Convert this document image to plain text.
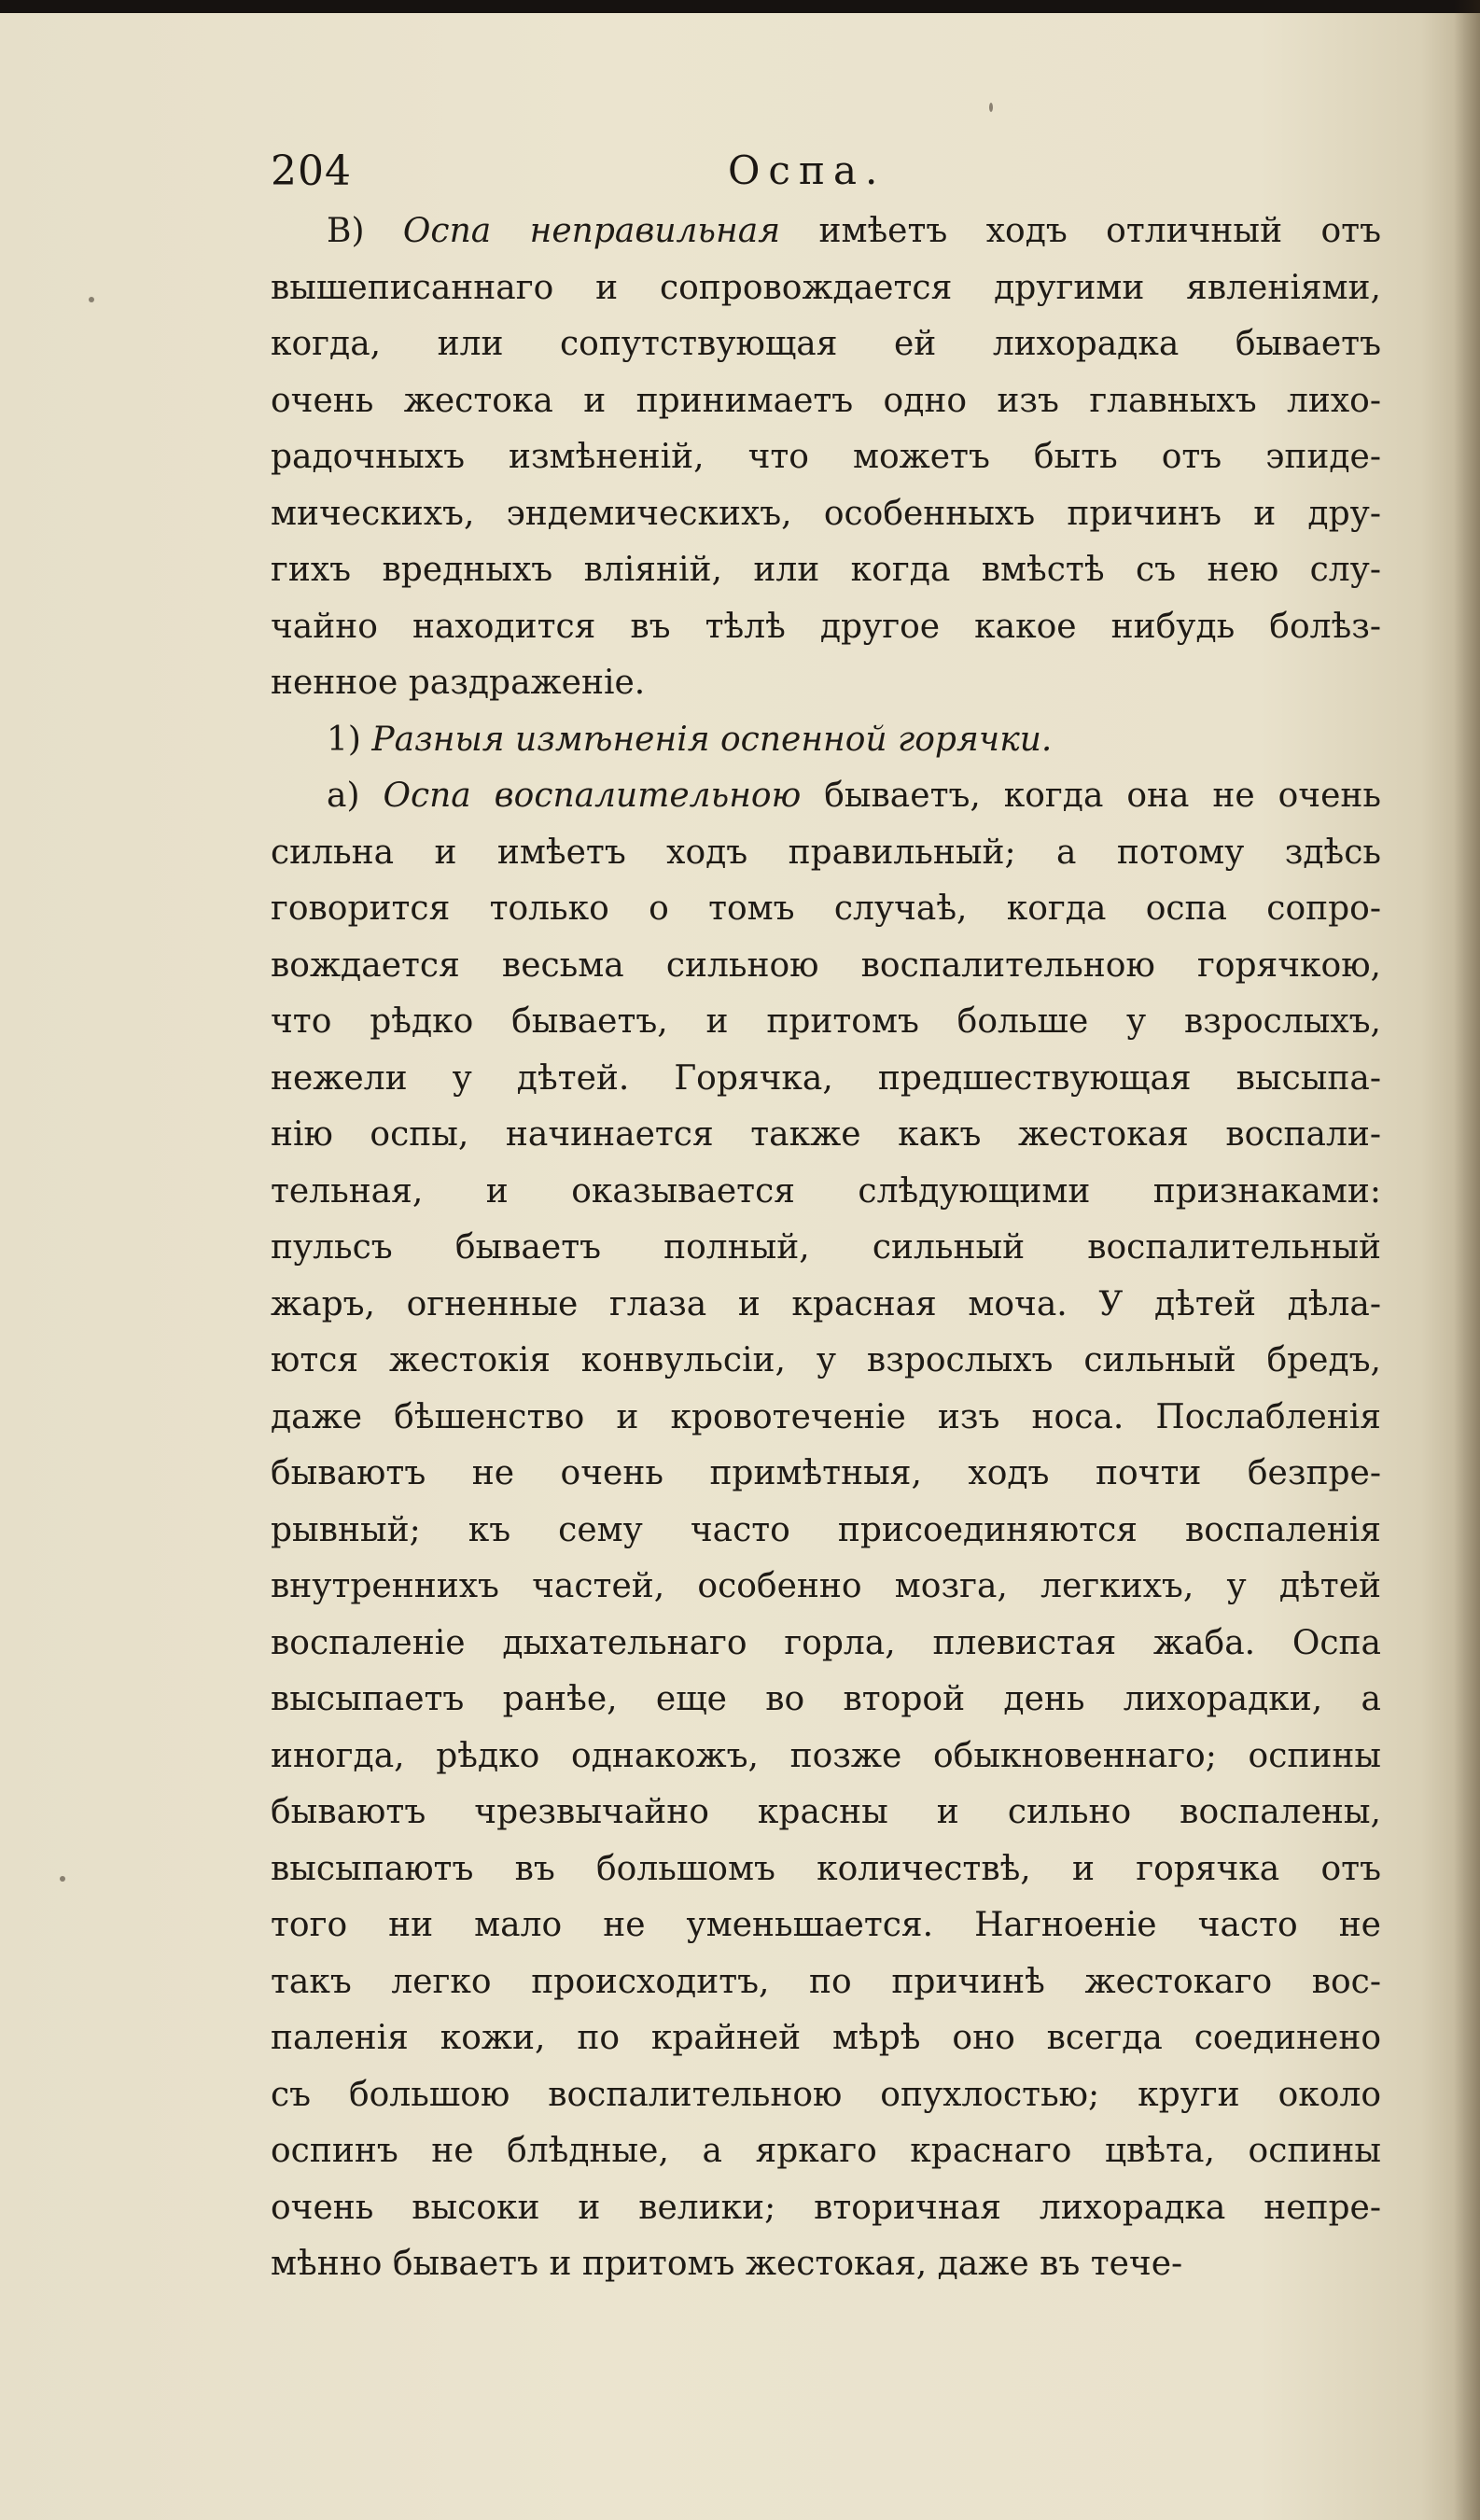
204	Оспа.
B) Оспа неправильная имѣетъ ходъ отличный отъ
вышеписаннаго и сопровождается другими явленіями,
когда, или сопутствующая ей лихорадка бываетъ
очень жестока и принимаетъ одно изъ главныхъ лихо-
радочныхъ измѣненій, что можетъ быть отъ эпиде-
мическихъ, эндемическихъ, особенныхъ причинъ и дру-
гихъ вредныхъ вліяній, или когда вмѣстѣ съ нею слу-
чайно находится въ тѣлѣ другое какое нибудь болѣз-
ненное раздраженіе.
1) Разныя измѣненія оспенной горячки.
a) Оспа воспалительною бываетъ, когда она не очень
сильна и имѣетъ ходъ правильный; а потому здѣсь
говорится только о томъ случаѣ, когда оспа сопро-
вождается весьма сильною воспалительною горячкою,
что рѣдко бываетъ, и притомъ больше у взрослыхъ,
нежели у дѣтей. Горячка, предшествующая высыпа-
нію оспы, начинается также какъ жестокая воспали-
тельная, и оказывается слѣдующими признаками:
пульсъ бываетъ полный, сильный воспалительный
жаръ, огненные глаза и красная моча. У дѣтей дѣла-
ются жестокія конвульсіи, у взрослыхъ сильный бредъ,
даже бѣшенство и кровотеченіе изъ носа. Послабленія
бываютъ не очень примѣтныя, ходъ почти безпре-
рывный; къ сему часто присоединяются воспаленія
внутреннихъ частей, особенно мозга, легкихъ, у дѣтей
воспаленіе дыхательнаго горла, плевистая жаба. Оспа
высыпаетъ ранѣе, еще во второй день лихорадки, а
иногда, рѣдко однакожъ, позже обыкновеннаго; оспины
бываютъ чрезвычайно красны и сильно воспалены,
высыпаютъ въ большомъ количествѣ, и горячка отъ
того ни мало не уменьшается. Нагноеніе часто не
такъ легко происходитъ, по причинѣ жестокаго вос-
паленія кожи, по крайней мѣрѣ оно всегда соединено
съ большою воспалительною опухлостью; круги около
оспинъ не блѣдные, а яркаго краснаго цвѣта, оспины
очень высоки и велики; вторичная лихорадка непре-
мѣнно бываетъ и притомъ жестокая, даже въ тече-
